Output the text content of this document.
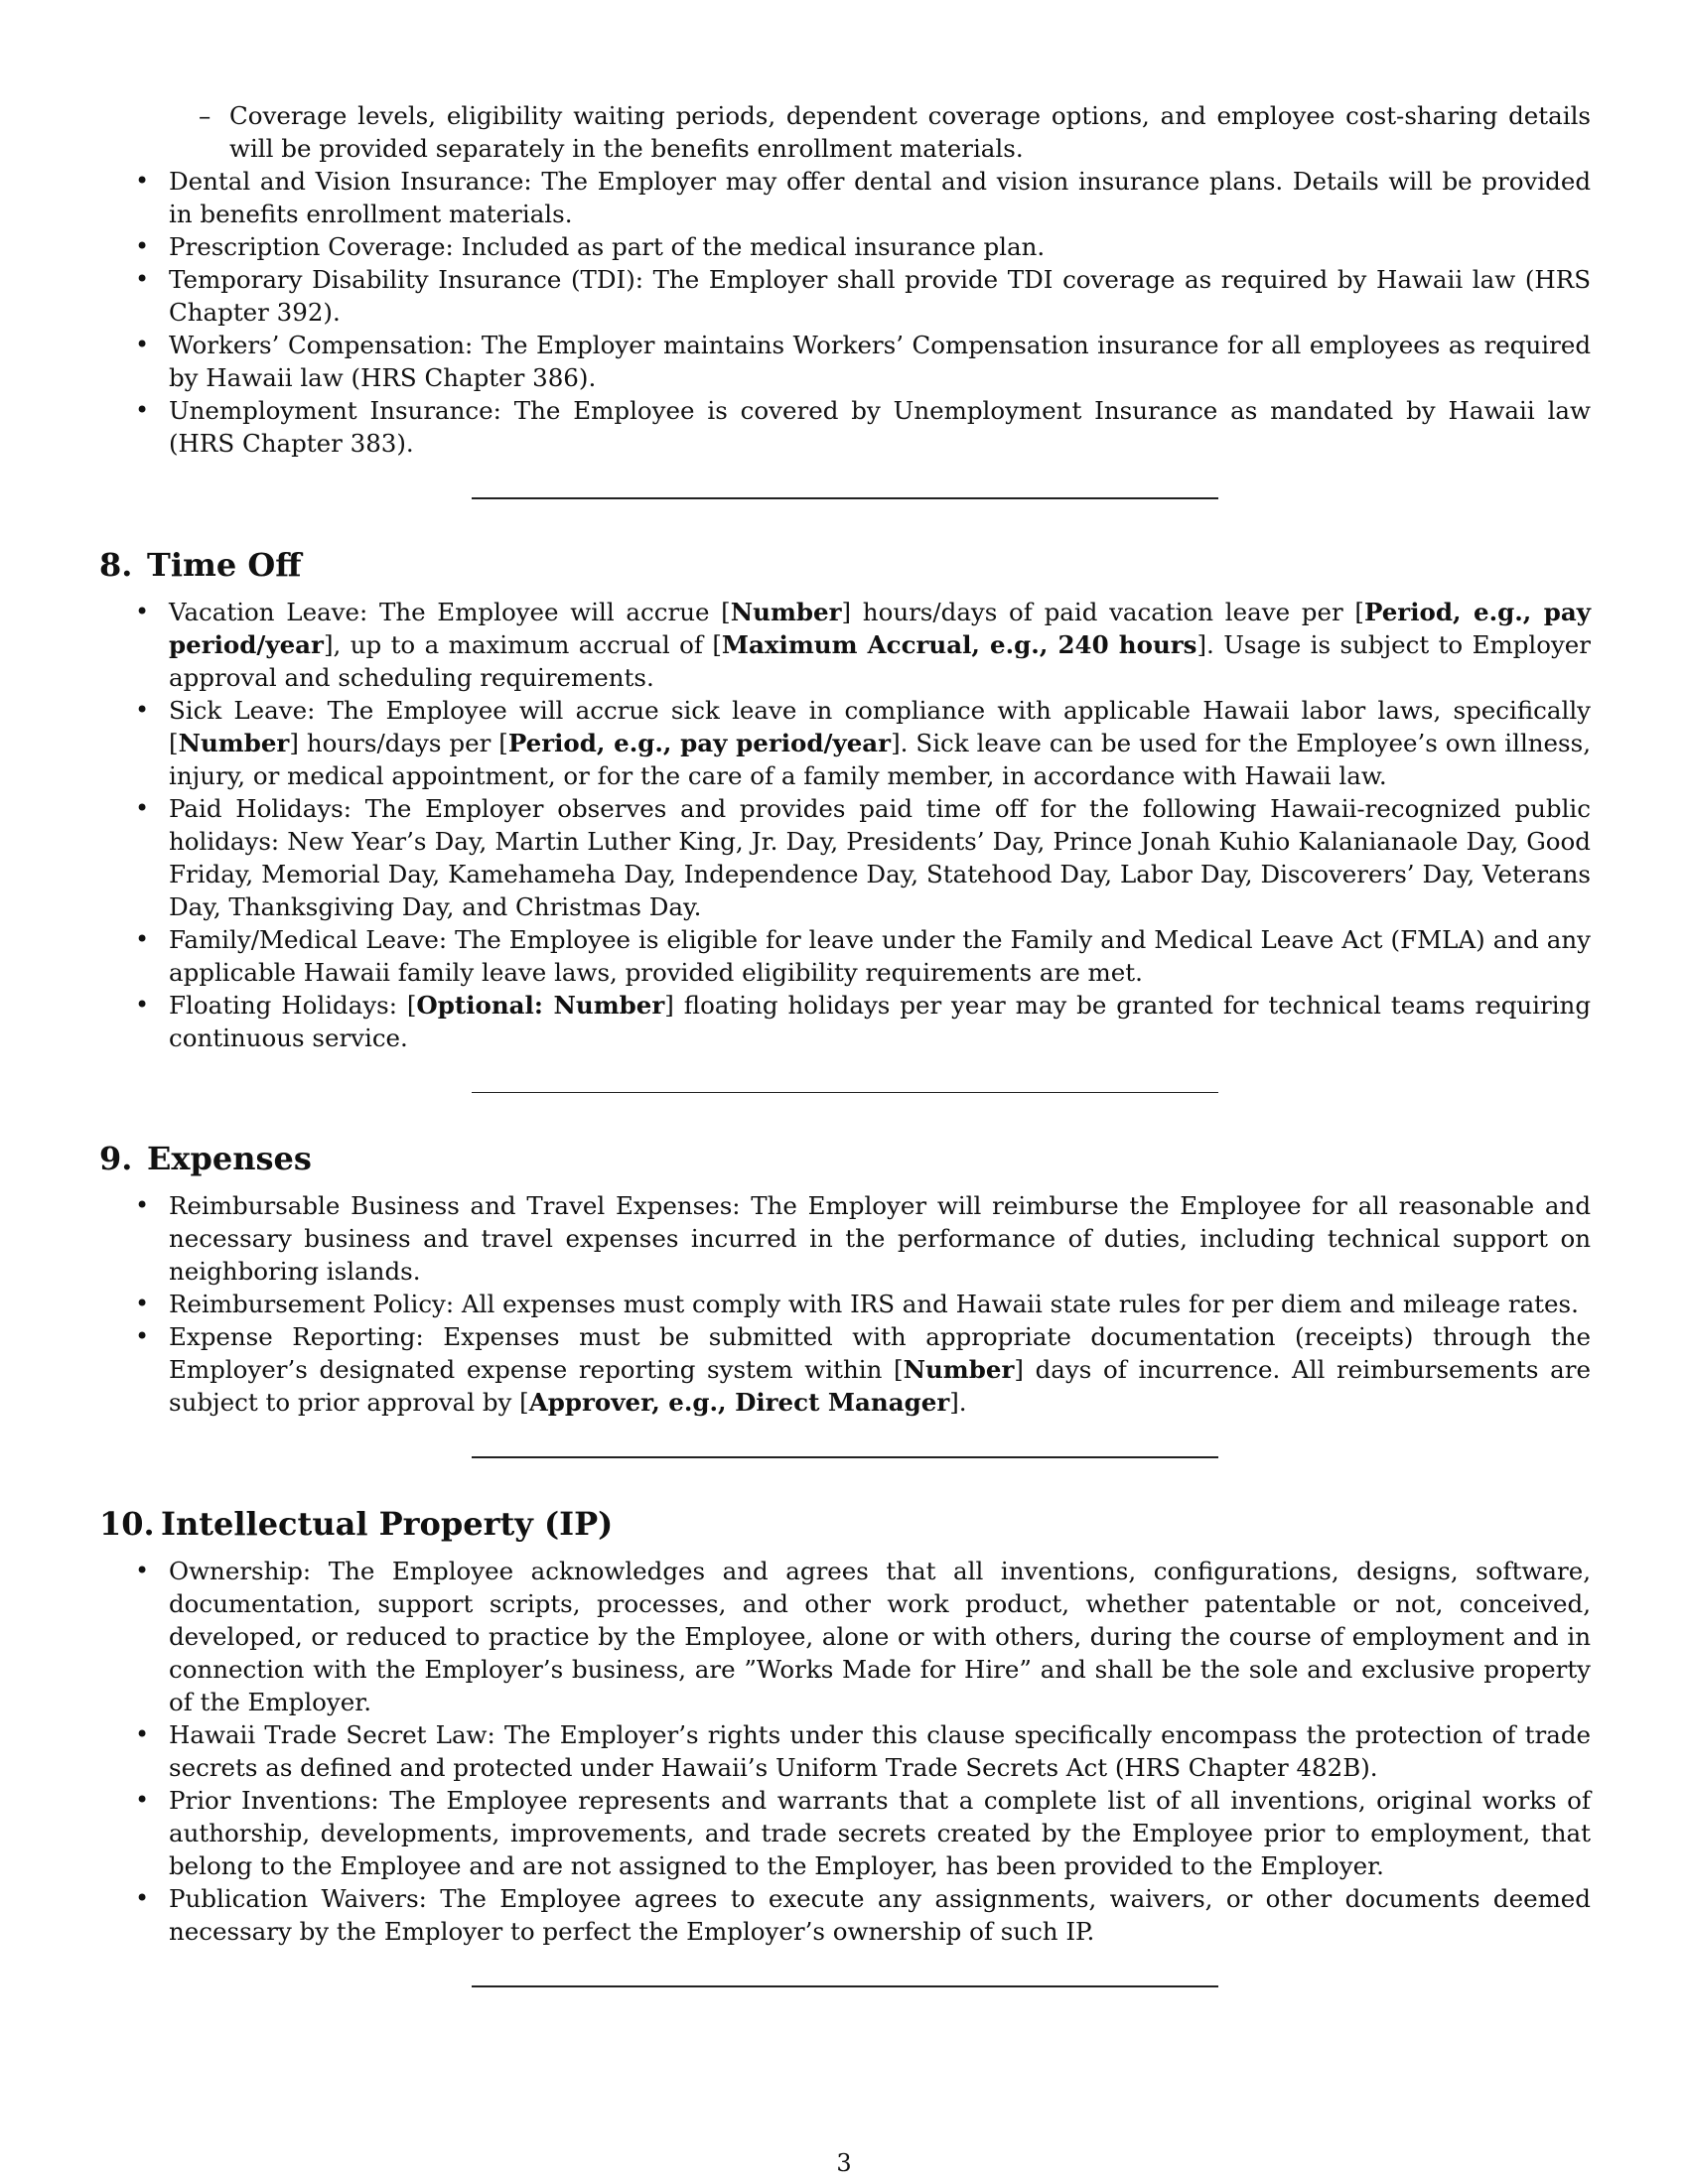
– Coverage levels, eligibility waiting periods, dependent coverage options, and employee cost-sharing details will be provided separately in the benefits enrollment materials.
• Dental and Vision Insurance: The Employer may offer dental and vision insurance plans. Details will be provided in benefits enrollment materials.
• Prescription Coverage: Included as part of the medical insurance plan.
• Temporary Disability Insurance (TDI): The Employer shall provide TDI coverage as required by Hawaii law (HRS Chapter 392).
• Workers’ Compensation: The Employer maintains Workers’ Compensation insurance for all employees as required by Hawaii law (HRS Chapter 386).
• Unemployment Insurance: The Employee is covered by Unemployment Insurance as mandated by Hawaii law (HRS Chapter 383).
8. Time Off
• Vacation Leave: The Employee will accrue [Number] hours/days of paid vacation leave per [Period, e.g., pay period/year], up to a maximum accrual of [Maximum Accrual, e.g., 240 hours]. Usage is subject to Employer approval and scheduling requirements.
• Sick Leave: The Employee will accrue sick leave in compliance with applicable Hawaii labor laws, specifically [Number] hours/days per [Period, e.g., pay period/year]. Sick leave can be used for the Employee’s own illness, injury, or medical appointment, or for the care of a family member, in accordance with Hawaii law.
• Paid Holidays: The Employer observes and provides paid time off for the following Hawaii-recognized public holidays: New Year’s Day, Martin Luther King, Jr. Day, Presidents’ Day, Prince Jonah Kuhio Kalanianaole Day, Good Friday, Memorial Day, Kamehameha Day, Independence Day, Statehood Day, Labor Day, Discoverers’ Day, Veterans Day, Thanksgiving Day, and Christmas Day.
• Family/Medical Leave: The Employee is eligible for leave under the Family and Medical Leave Act (FMLA) and any applicable Hawaii family leave laws, provided eligibility requirements are met.
• Floating Holidays: [Optional: Number] floating holidays per year may be granted for technical teams requiring continuous service.
9. Expenses
• Reimbursable Business and Travel Expenses: The Employer will reimburse the Employee for all reasonable and necessary business and travel expenses incurred in the performance of duties, including technical support on neighboring islands.
• Reimbursement Policy: All expenses must comply with IRS and Hawaii state rules for per diem and mileage rates.
• Expense Reporting: Expenses must be submitted with appropriate documentation (receipts) through the Employer’s designated expense reporting system within [Number] days of incurrence. All reimbursements are subject to prior approval by [Approver, e.g., Direct Manager].
10. Intellectual Property (IP)
• Ownership: The Employee acknowledges and agrees that all inventions, configurations, designs, software, documentation, support scripts, processes, and other work product, whether patentable or not, conceived, developed, or reduced to practice by the Employee, alone or with others, during the course of employment and in connection with the Employer’s business, are ”Works Made for Hire” and shall be the sole and exclusive property of the Employer.
• Hawaii Trade Secret Law: The Employer’s rights under this clause specifically encompass the protection of trade secrets as defined and protected under Hawaii’s Uniform Trade Secrets Act (HRS Chapter 482B).
• Prior Inventions: The Employee represents and warrants that a complete list of all inventions, original works of authorship, developments, improvements, and trade secrets created by the Employee prior to employment, that belong to the Employee and are not assigned to the Employer, has been provided to the Employer.
• Publication Waivers: The Employee agrees to execute any assignments, waivers, or other documents deemed necessary by the Employer to perfect the Employer’s ownership of such IP.
3
